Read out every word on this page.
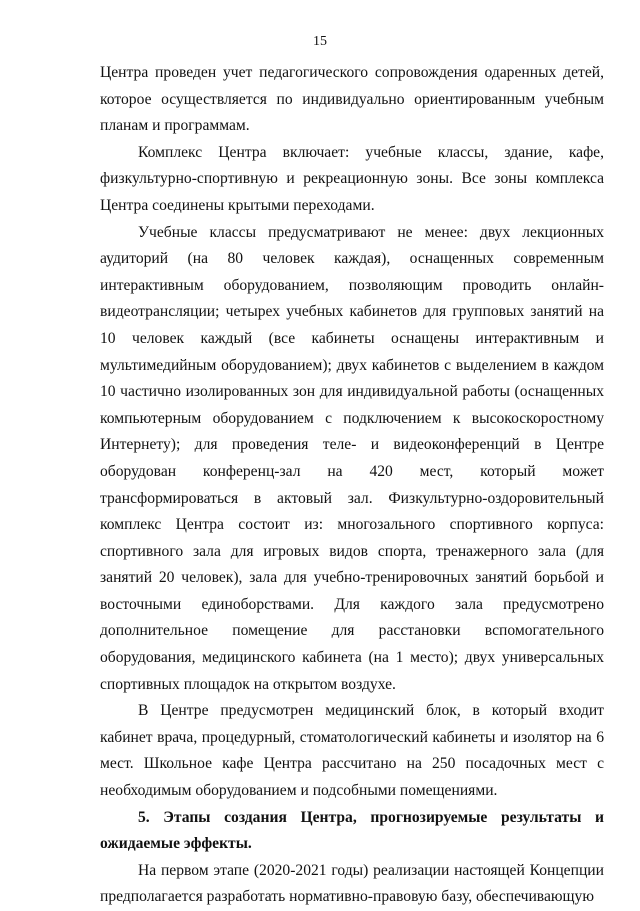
15

Центра проведен учет педагогического сопровождения одаренных детей, которое осуществляется по индивидуально ориентированным учебным планам и программам.

Комплекс Центра включает: учебные классы, здание, кафе, физкультурно-спортивную и рекреационную зоны. Все зоны комплекса Центра соединены крытыми переходами.

Учебные классы предусматривают не менее: двух лекционных аудиторий (на 80 человек каждая), оснащенных современным интерактивным оборудованием, позволяющим проводить онлайн-видеотрансляции; четырех учебных кабинетов для групповых занятий на 10 человек каждый (все кабинеты оснащены интерактивным и мультимедийным оборудованием); двух кабинетов с выделением в каждом 10 частично изолированных зон для индивидуальной работы (оснащенных компьютерным оборудованием с подключением к высокоскоростному Интернету); для проведения теле- и видеоконференций в Центре оборудован конференц-зал на 420 мест, который может трансформироваться в актовый зал. Физкультурно-оздоровительный комплекс Центра состоит из: многозального спортивного корпуса: спортивного зала для игровых видов спорта, тренажерного зала (для занятий 20 человек), зала для учебно-тренировочных занятий борьбой и восточными единоборствами. Для каждого зала предусмотрено дополнительное помещение для расстановки вспомогательного оборудования, медицинского кабинета (на 1 место); двух универсальных спортивных площадок на открытом воздухе.

В Центре предусмотрен медицинский блок, в который входит кабинет врача, процедурный, стоматологический кабинеты и изолятор на 6 мест. Школьное кафе Центра рассчитано на 250 посадочных мест с необходимым оборудованием и подсобными помещениями.

5. Этапы создания Центра, прогнозируемые результаты и ожидаемые эффекты.

На первом этапе (2020-2021 годы) реализации настоящей Концепции предполагается разработать нормативно-правовую базу, обеспечивающую
